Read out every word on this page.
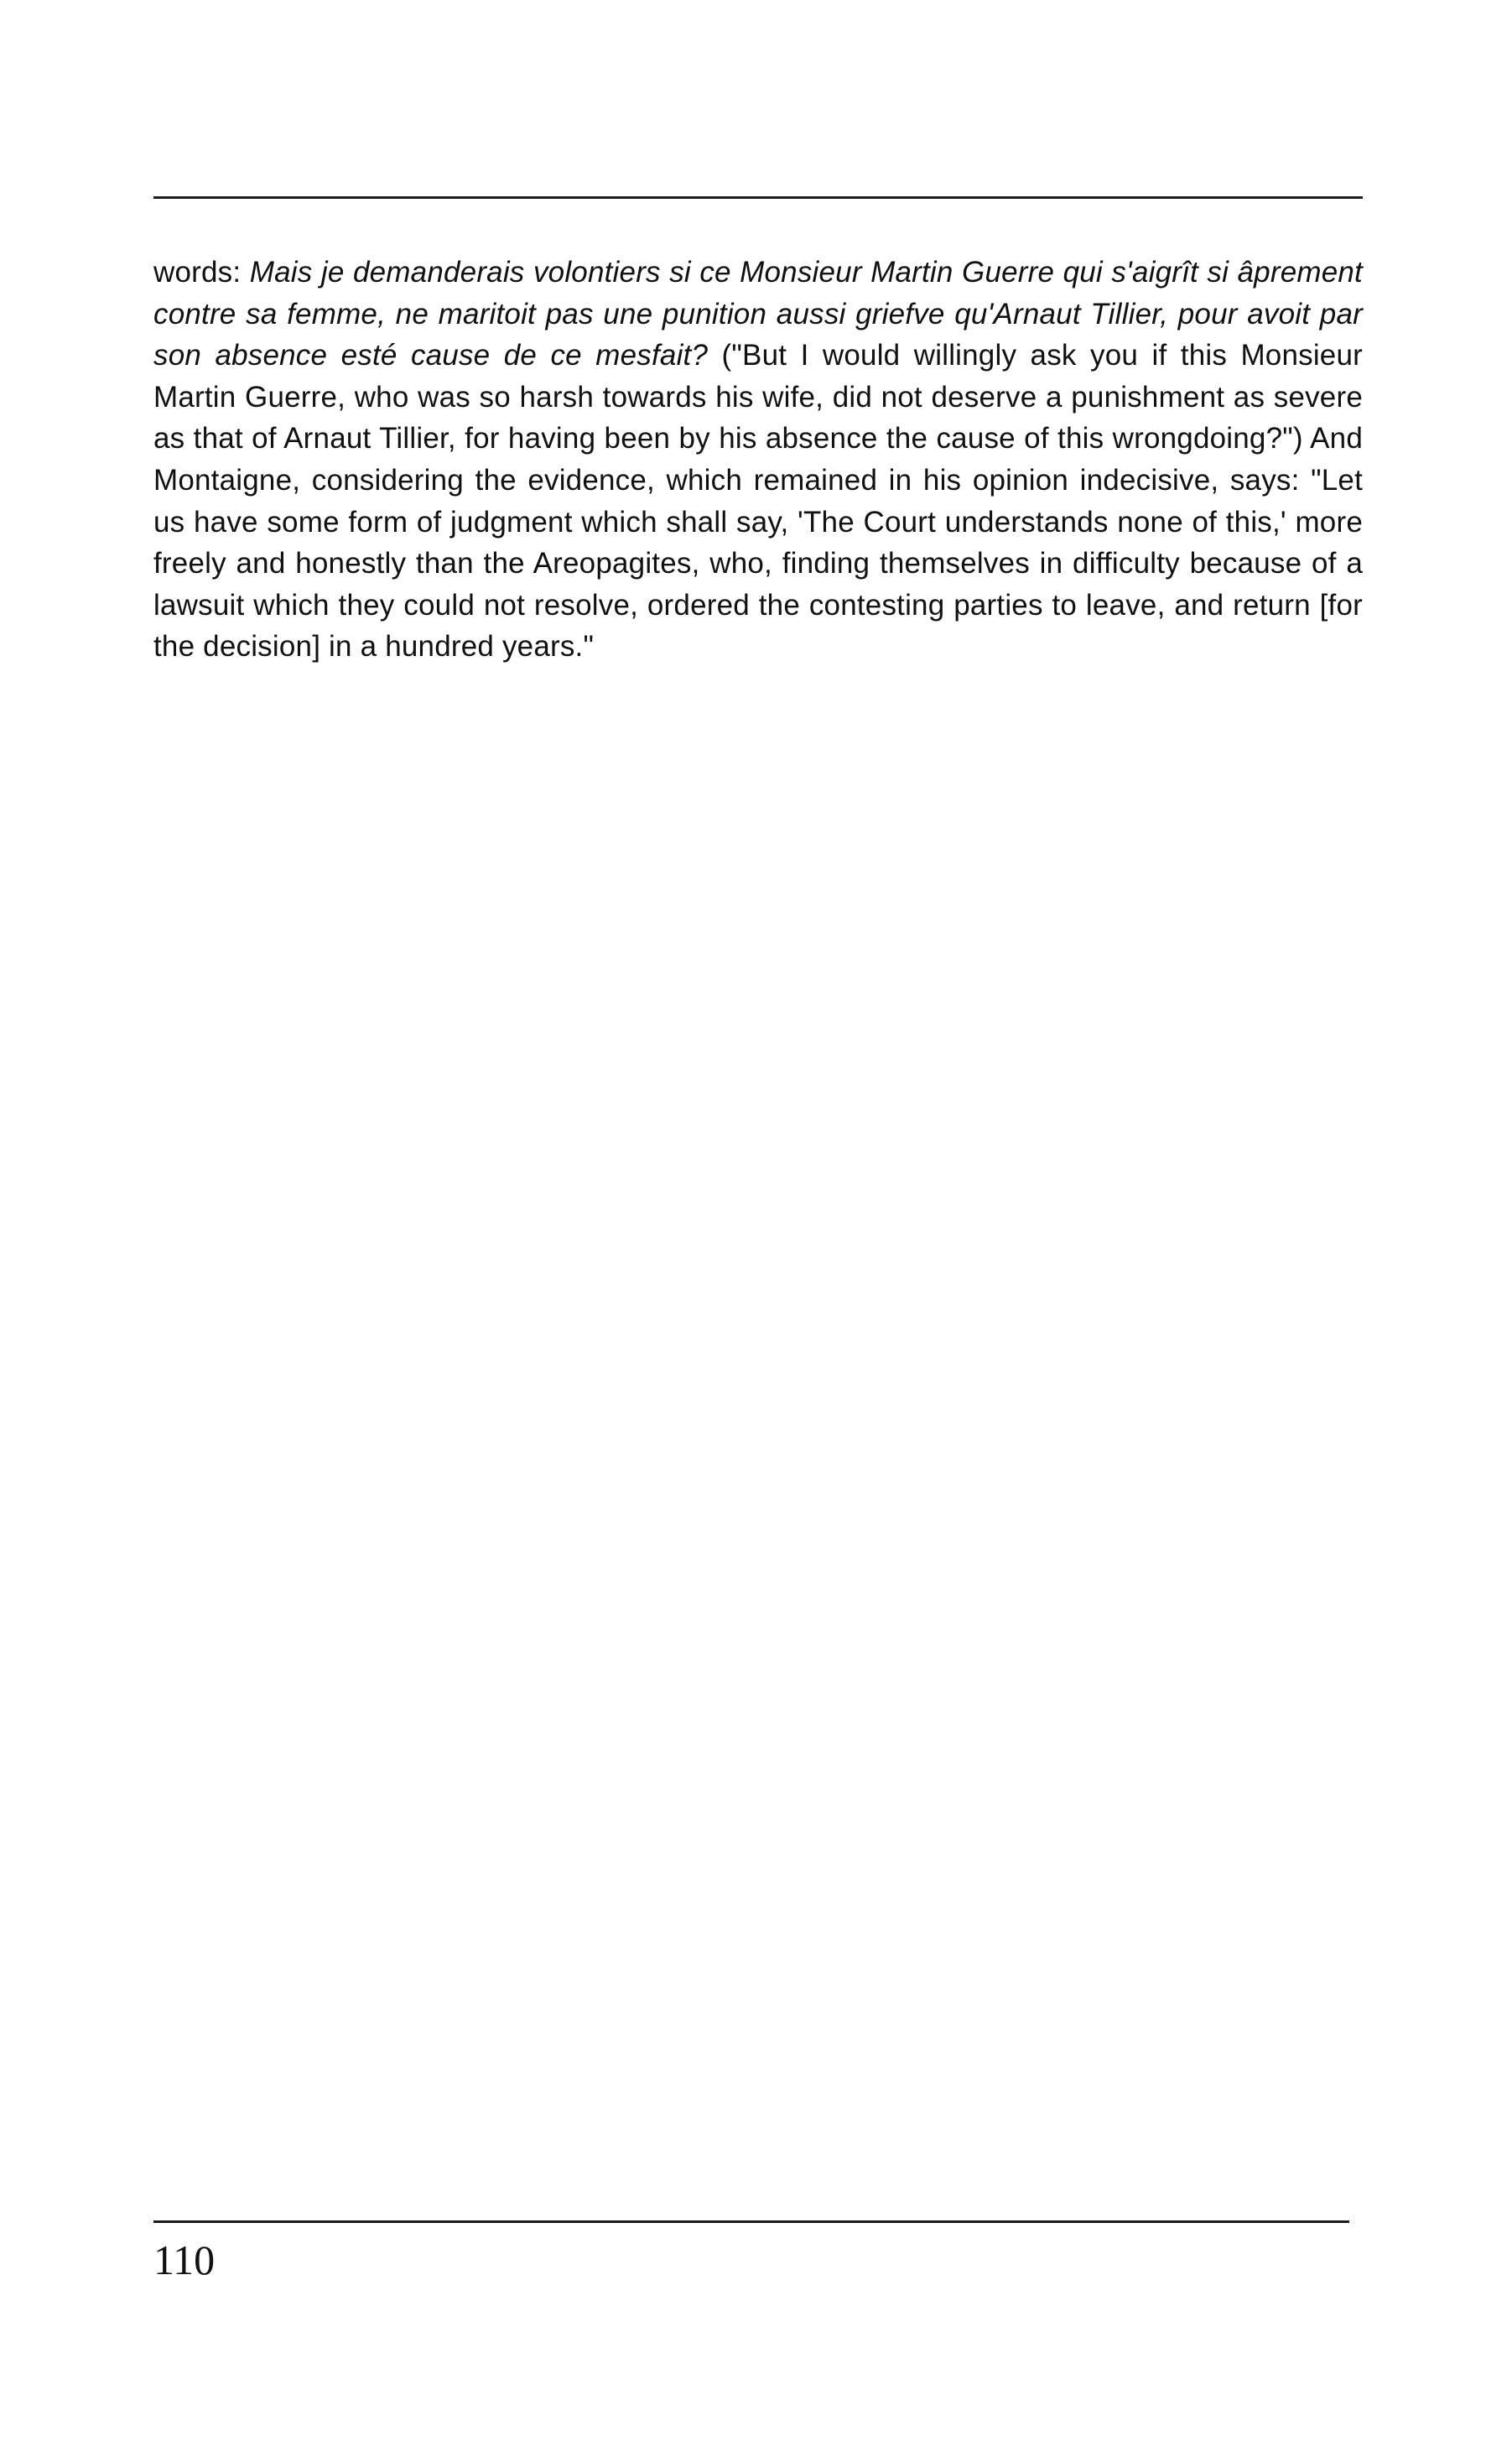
words: Mais je demanderais volontiers si ce Monsieur Martin Guerre qui s'aigrît si âprement contre sa femme, ne maritoit pas une punition aussi griefve qu'Arnaut Tillier, pour avoit par son absence esté cause de ce mesfait? ("But I would willingly ask you if this Monsieur Martin Guerre, who was so harsh towards his wife, did not deserve a punishment as severe as that of Arnaut Tillier, for having been by his absence the cause of this wrongdoing?") And Montaigne, considering the evidence, which remained in his opinion indecisive, says: "Let us have some form of judgment which shall say, 'The Court understands none of this,' more freely and honestly than the Areopagites, who, finding themselves in difficulty because of a lawsuit which they could not resolve, ordered the contesting parties to leave, and return [for the decision] in a hundred years."

110
